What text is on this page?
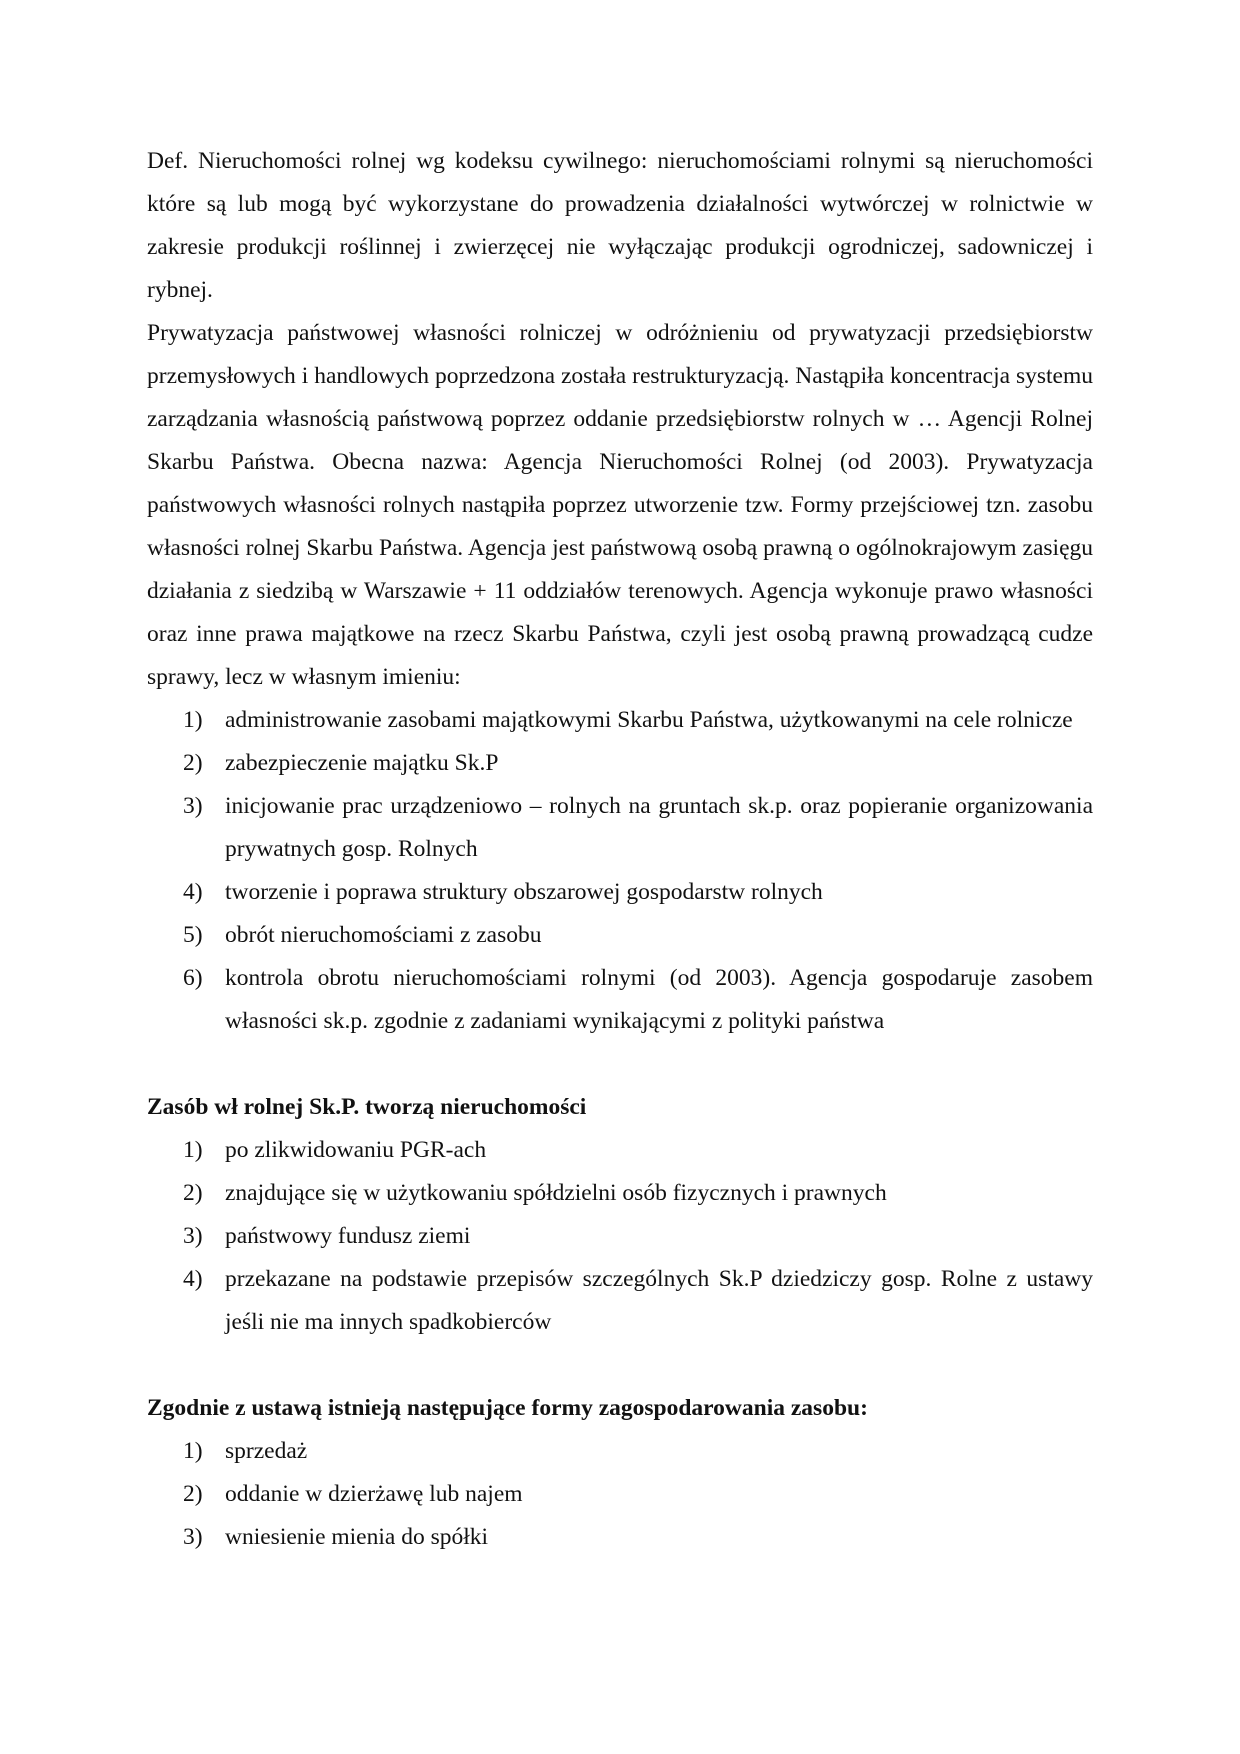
Def. Nieruchomości rolnej wg kodeksu cywilnego: nieruchomościami rolnymi są nieruchomości które są lub mogą być wykorzystane do prowadzenia działalności wytwórczej w rolnictwie w zakresie produkcji roślinnej i zwierzęcej nie wyłączając produkcji ogrodniczej, sadowniczej i rybnej.

Prywatyzacja państwowej własności rolniczej w odróżnieniu od prywatyzacji przedsiębiorstw przemysłowych i handlowych poprzedzona została restrukturyzacją. Nastąpiła koncentracja systemu zarządzania własnością państwową poprzez oddanie przedsiębiorstw rolnych w … Agencji Rolnej Skarbu Państwa. Obecna nazwa: Agencja Nieruchomości Rolnej (od 2003). Prywatyzacja państwowych własności rolnych nastąpiła poprzez utworzenie tzw. Formy przejściowej tzn. zasobu własności rolnej Skarbu Państwa. Agencja jest państwową osobą prawną o ogólnokrajowym zasięgu działania z siedzibą w Warszawie + 11 oddziałów terenowych. Agencja wykonuje prawo własności oraz inne prawa majątkowe na rzecz Skarbu Państwa, czyli jest osobą prawną prowadzącą cudze sprawy, lecz w własnym imieniu:

1) administrowanie zasobami majątkowymi Skarbu Państwa, użytkowanymi na cele rolnicze
2) zabezpieczenie majątku Sk.P
3) inicjowanie prac urządzeniowo – rolnych na gruntach sk.p. oraz popieranie organizowania prywatnych gosp. Rolnych
4) tworzenie i poprawa struktury obszarowej gospodarstw rolnych
5) obrót nieruchomościami z zasobu
6) kontrola obrotu nieruchomościami rolnymi (od 2003). Agencja gospodaruje zasobem własności sk.p. zgodnie z zadaniami wynikającymi z polityki państwa
Zasób wł rolnej Sk.P. tworzą nieruchomości
1) po zlikwidowaniu PGR-ach
2) znajdujące się w użytkowaniu spółdzielni osób fizycznych i prawnych
3) państwowy fundusz ziemi
4) przekazane na podstawie przepisów szczególnych Sk.P dziedziczy gosp. Rolne z ustawy jeśli nie ma innych spadkobierców
Zgodnie z ustawą istnieją następujące formy zagospodarowania zasobu:
1) sprzedaż
2) oddanie w dzierżawę lub najem
3) wniesienie mienia do spółki
